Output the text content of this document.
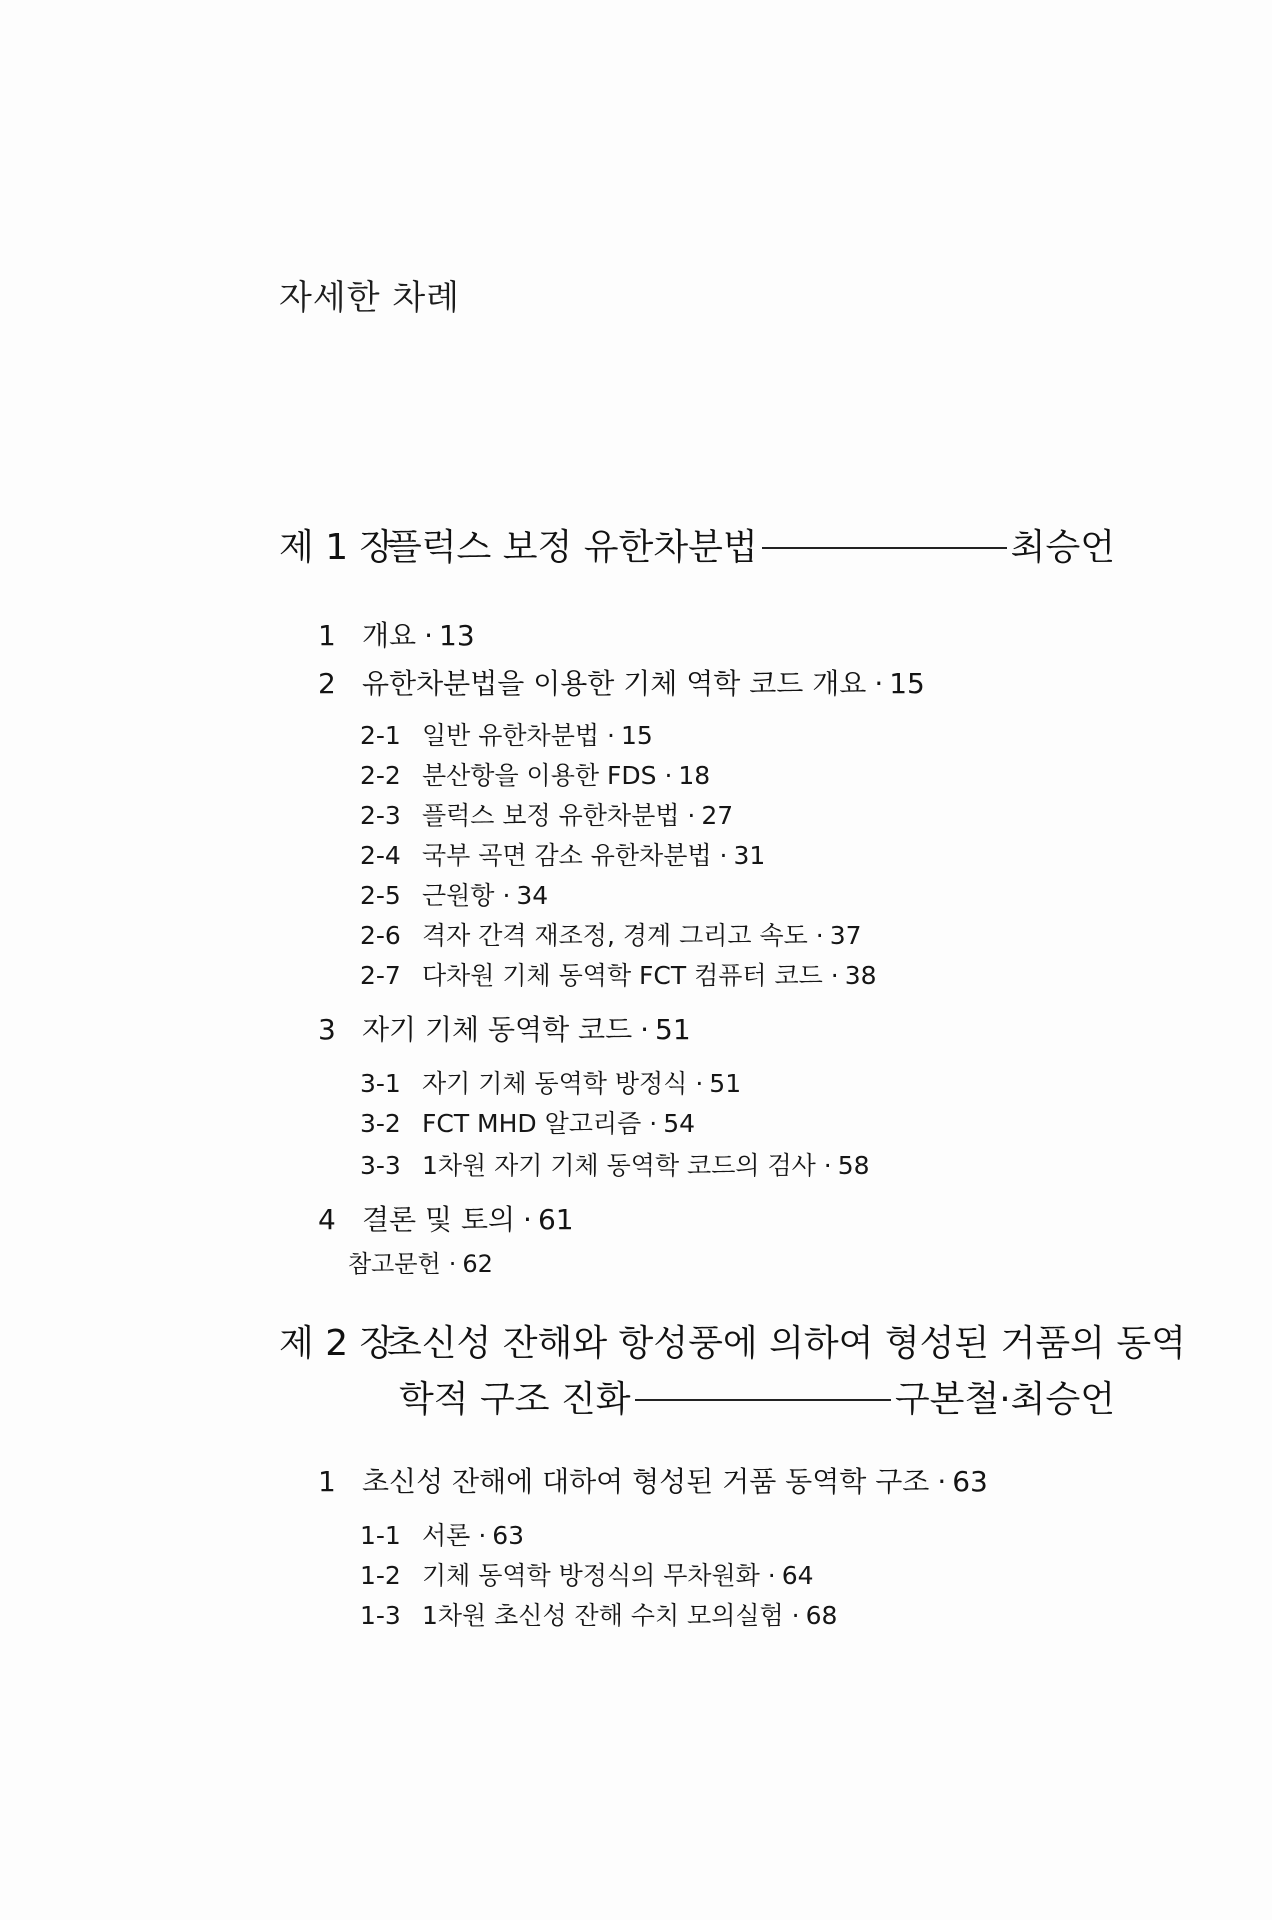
자세한 차례
제 1 장
플럭스 보정 유한차분법	최승언
1 개요 · 13
2 유한차분법을 이용한 기체 역학 코드 개요 · 15
2-1 일반 유한차분법 · 15
2-2 분산항을 이용한 FDS · 18
2-3 플럭스 보정 유한차분법 · 27
2-4 국부 곡면 감소 유한차분법 · 31
2-5 근원항 · 34
2-6 격자 간격 재조정, 경계 그리고 속도 · 37
2-7 다차원 기체 동역학 FCT 컴퓨터 코드 · 38
3 자기 기체 동역학 코드 · 51
3-1 자기 기체 동역학 방정식 · 51
3-2 FCT MHD 알고리즘 · 54
3-3 1차원 자기 기체 동역학 코드의 검사 · 58
4 결론 및 토의 · 61
참고문헌 · 62
제 2 장
초신성 잔해와 항성풍에 의하여 형성된 거품의 동역
학적 구조 진화	구본철·최승언
1 초신성 잔해에 대하여 형성된 거품 동역학 구조 · 63
1-1 서론 · 63
1-2 기체 동역학 방정식의 무차원화 · 64
1-3 1차원 초신성 잔해 수치 모의실험 · 68
